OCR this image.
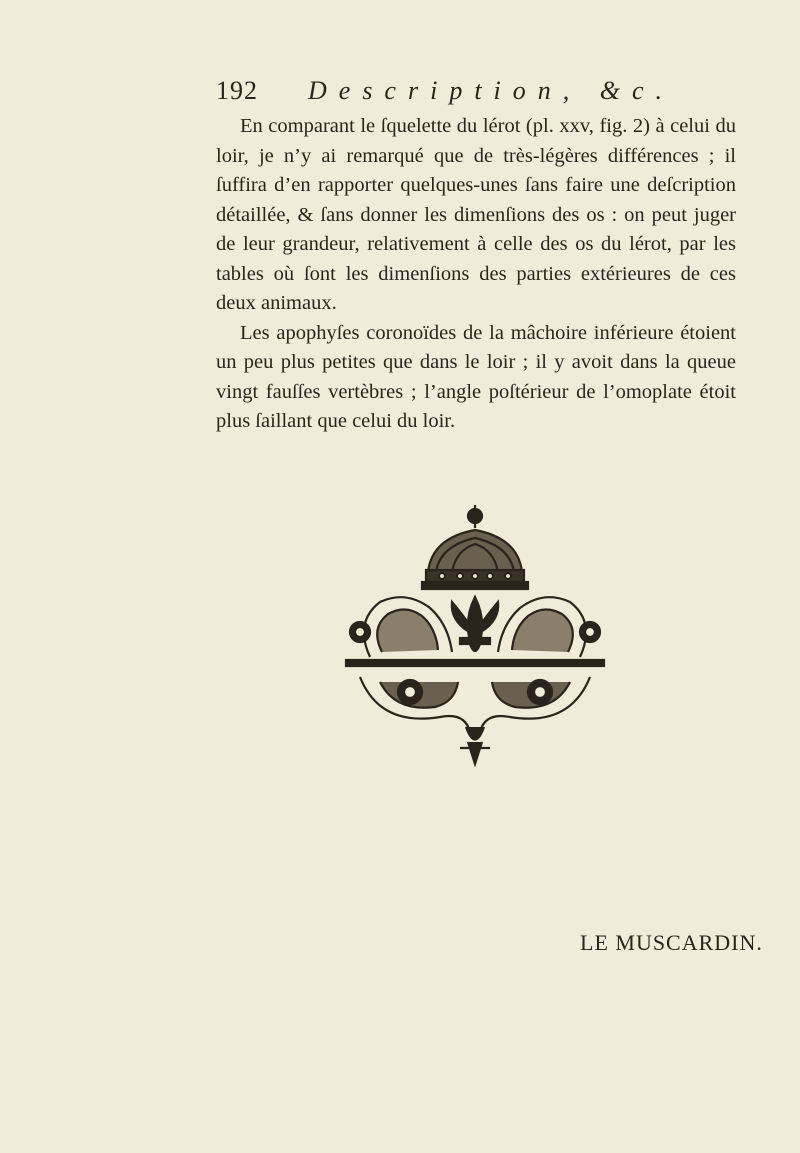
192 Description, &c.

En comparant le ſquelette du lérot (pl. xxv, fig. 2) à celui du loir, je n’y ai remarqué que de très-légères différences ; il ſuffira d’en rapporter quelques-unes ſans faire une deſcription détaillée, & ſans donner les dimenſions des os : on peut juger de leur grandeur, relativement à celle des os du lérot, par les tables où ſont les dimenſions des parties extérieures de ces deux animaux.

Les apophyſes coronoïdes de la mâchoire inférieure étoient un peu plus petites que dans le loir ; il y avoit dans la queue vingt fauſſes vertèbres ; l’angle poſtérieur de l’omoplate étoit plus ſaillant que celui du loir.

LE MUSCARDIN.
